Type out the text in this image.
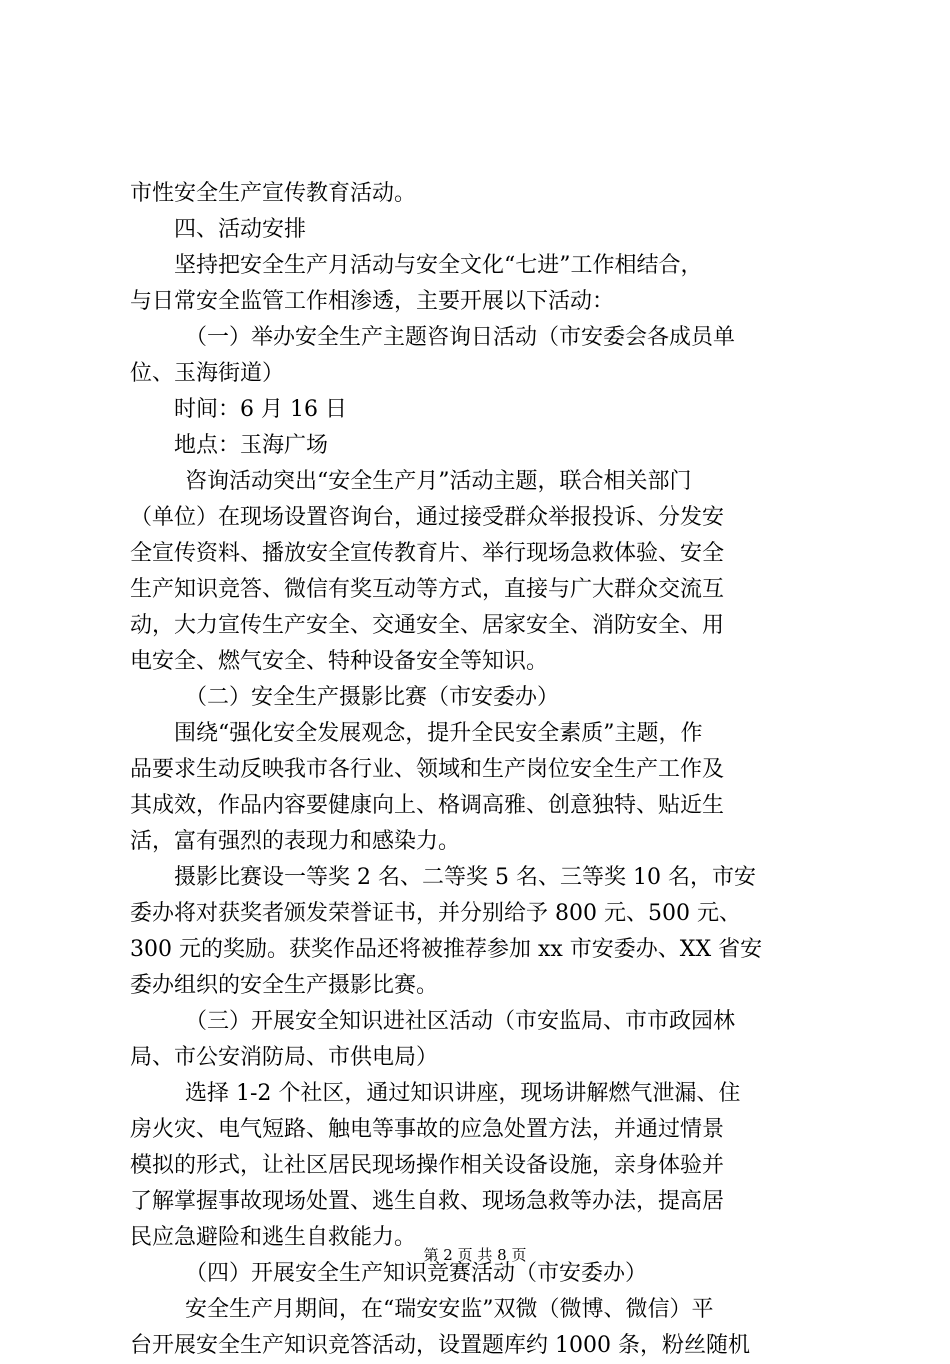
市性安全生产宣传教育活动。
四、活动安排
坚持把安全生产月活动与安全文化“七进”工作相结合，
与日常安全监管工作相渗透，主要开展以下活动：
（一）举办安全生产主题咨询日活动（市安委会各成员单
位、玉海街道）
时间：6 月 16 日
地点：玉海广场
咨询活动突出“安全生产月”活动主题，联合相关部门
（单位）在现场设置咨询台，通过接受群众举报投诉、分发安
全宣传资料、播放安全宣传教育片、举行现场急救体验、安全
生产知识竞答、微信有奖互动等方式，直接与广大群众交流互
动，大力宣传生产安全、交通安全、居家安全、消防安全、用
电安全、燃气安全、特种设备安全等知识。
（二）安全生产摄影比赛（市安委办）
围绕“强化安全发展观念，提升全民安全素质”主题，作
品要求生动反映我市各行业、领域和生产岗位安全生产工作及
其成效，作品内容要健康向上、格调高雅、创意独特、贴近生
活，富有强烈的表现力和感染力。
摄影比赛设一等奖 2 名、二等奖 5 名、三等奖 10 名，市安
委办将对获奖者颁发荣誉证书，并分别给予 800 元、500 元、
300 元的奖励。获奖作品还将被推荐参加 xx 市安委办、XX 省安
委办组织的安全生产摄影比赛。
（三）开展安全知识进社区活动（市安监局、市市政园林
局、市公安消防局、市供电局）
选择 1-2 个社区，通过知识讲座，现场讲解燃气泄漏、住
房火灾、电气短路、触电等事故的应急处置方法，并通过情景
模拟的形式，让社区居民现场操作相关设备设施，亲身体验并
了解掌握事故现场处置、逃生自救、现场急救等办法，提高居
民应急避险和逃生自救能力。
（四）开展安全生产知识竞赛活动（市安委办）
安全生产月期间，在“瑞安安监”双微（微博、微信）平
台开展安全生产知识竞答活动，设置题库约 1000 条，粉丝随机
第 2 页 共 8 页
